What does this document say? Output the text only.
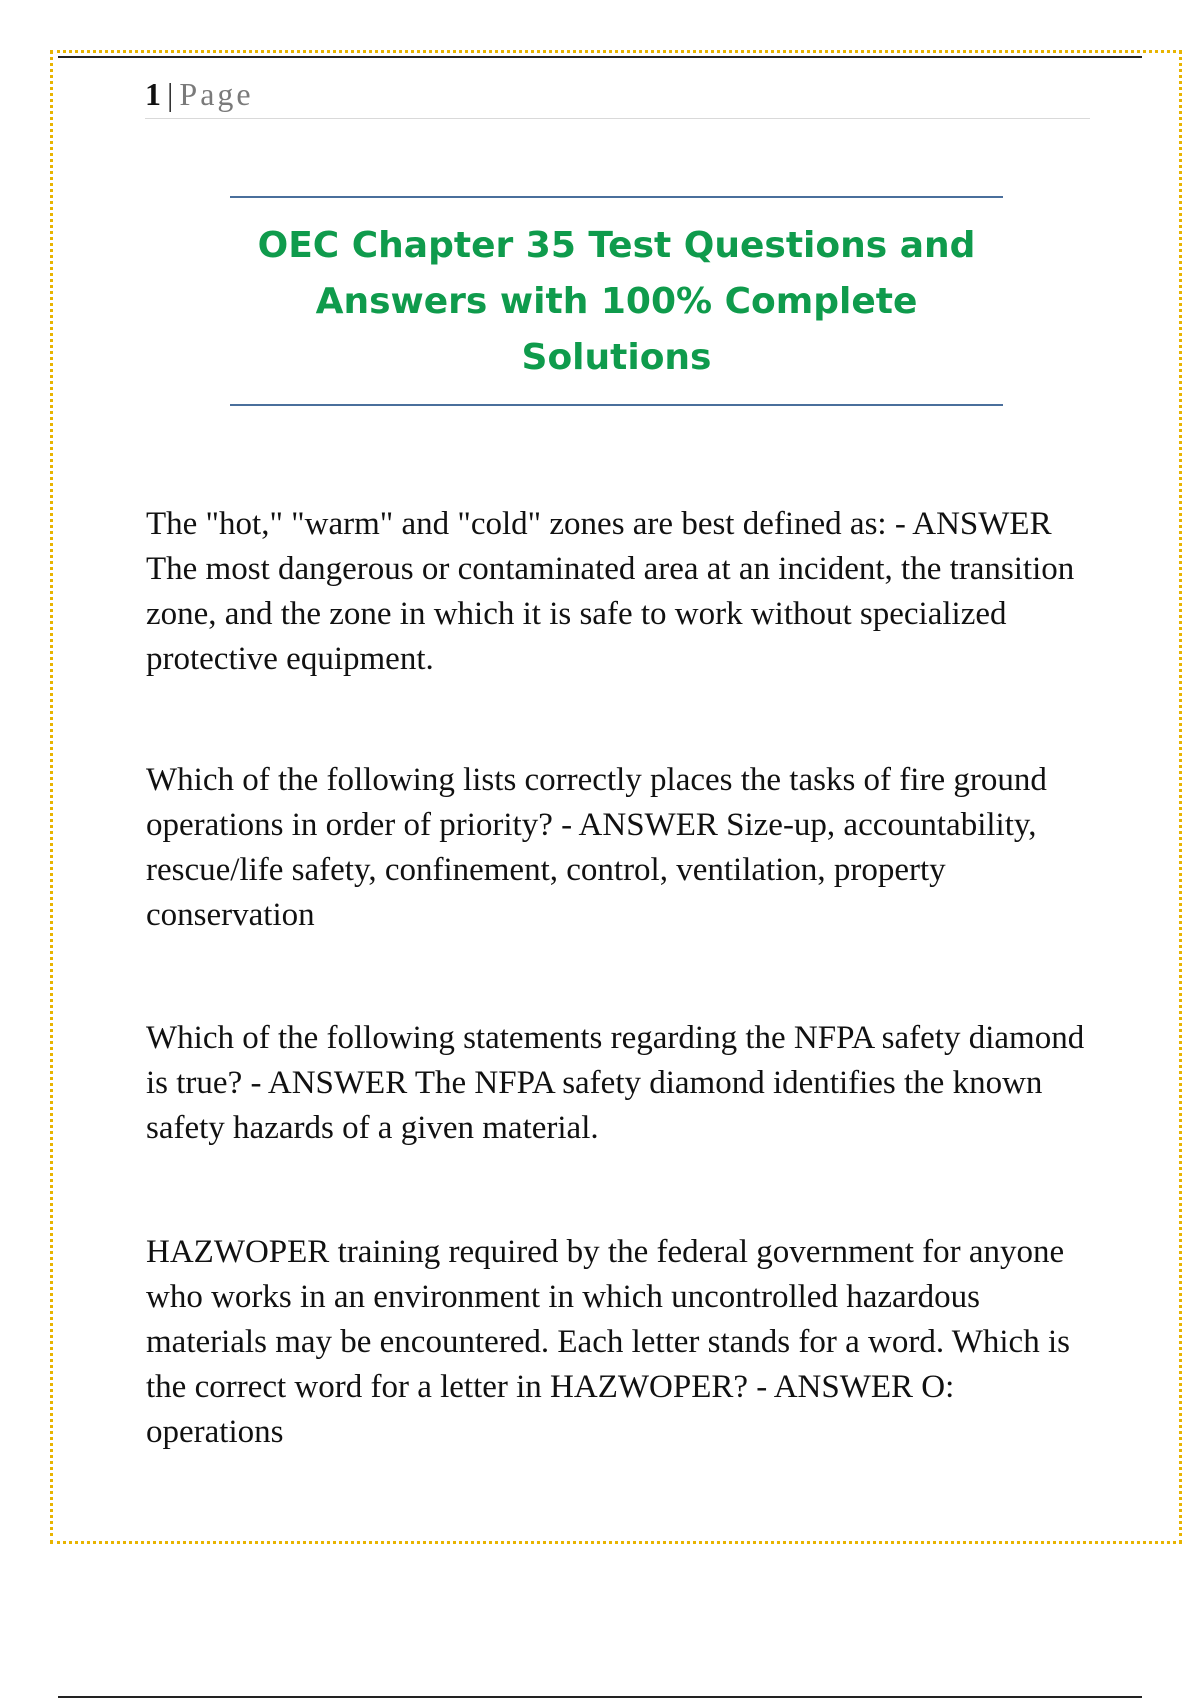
1 | Page
OEC Chapter 35 Test Questions and Answers with 100% Complete Solutions

The "hot," "warm" and "cold" zones are best defined as: - ANSWER The most dangerous or contaminated area at an incident, the transition zone, and the zone in which it is safe to work without specialized protective equipment.

Which of the following lists correctly places the tasks of fire ground operations in order of priority? - ANSWER Size-up, accountability, rescue/life safety, confinement, control, ventilation, property conservation

Which of the following statements regarding the NFPA safety diamond is true? - ANSWER The NFPA safety diamond identifies the known safety hazards of a given material.

HAZWOPER training required by the federal government for anyone who works in an environment in which uncontrolled hazardous materials may be encountered. Each letter stands for a word. Which is the correct word for a letter in HAZWOPER? - ANSWER O: operations
